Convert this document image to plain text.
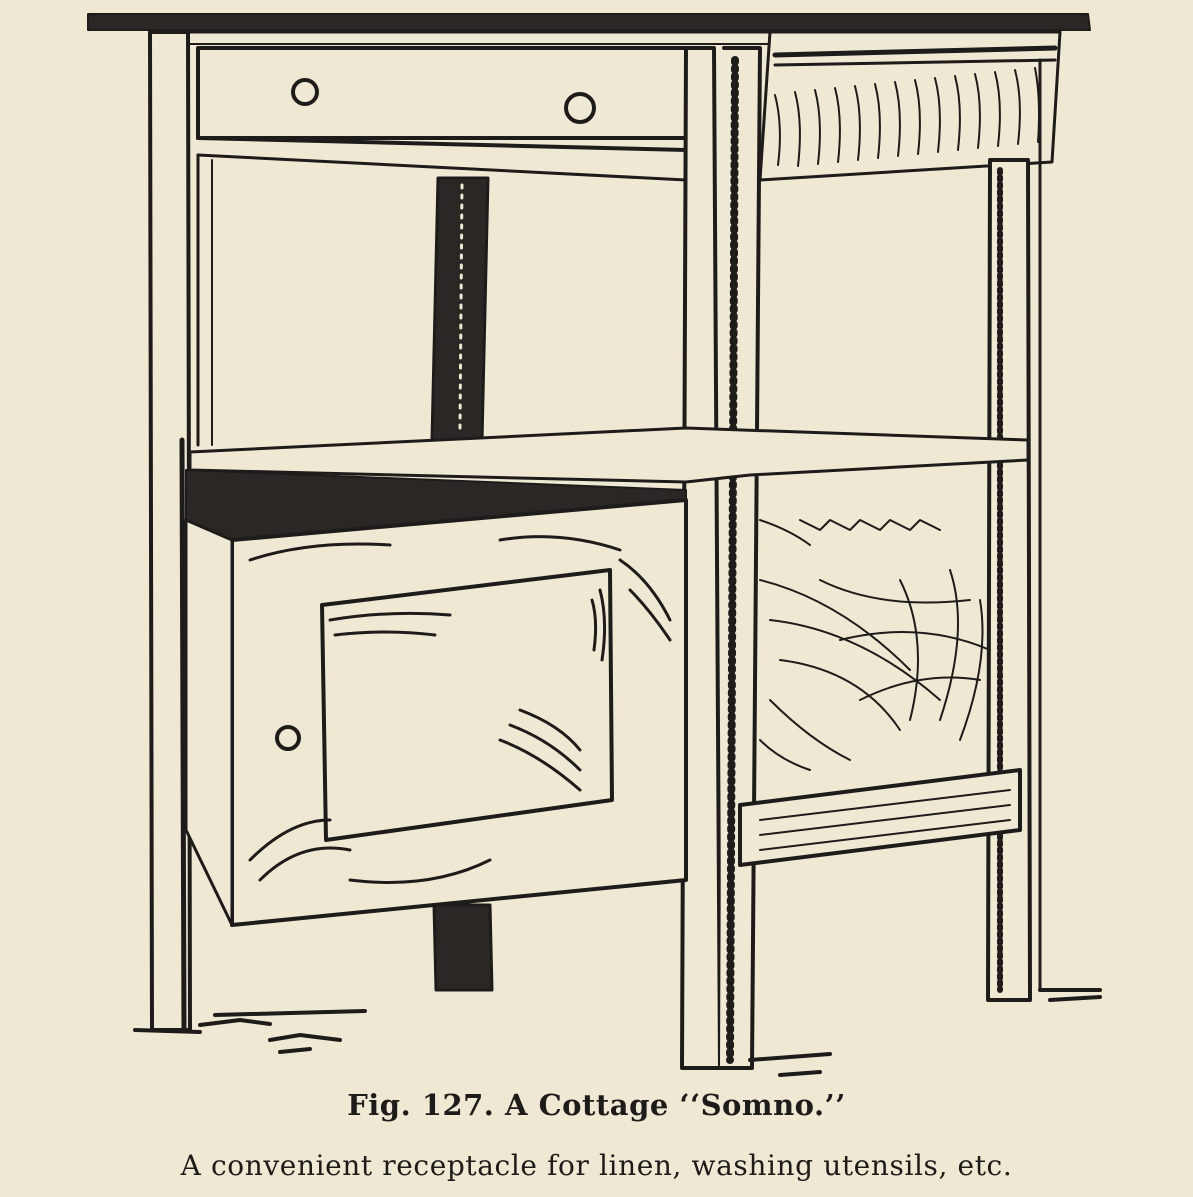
Fig. 127. A Cottage ‘‘Somno.’’
A convenient receptacle for linen, washing utensils, etc.
